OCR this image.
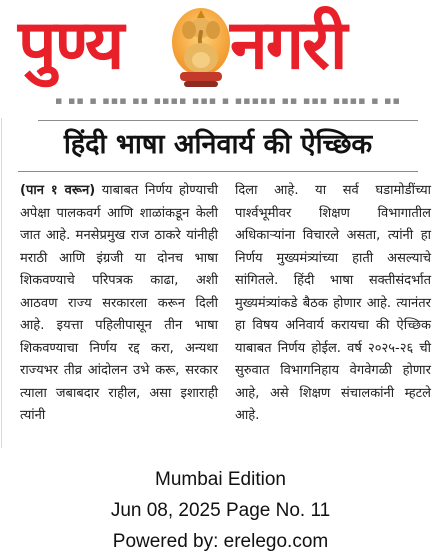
पुण्य नगरी
▪ ▪▪ ▪ ▪▪▪ ▪▪ ▪▪▪▪ ▪▪▪ ▪ ▪▪▪▪▪ ▪▪ ▪▪▪ ▪▪▪▪ ▪ ▪▪
हिंदी भाषा अनिवार्य की ऐच्छिक
(पान १ वरून) याबाबत निर्णय होण्याची अपेक्षा पालकवर्ग आणि शाळांकडून केली जात आहे. मनसेप्रमुख राज ठाकरे यांनीही मराठी आणि इंग्रजी या दोनच भाषा शिकवण्याचे परिपत्रक काढा, अशी आठवण राज्य सरकारला करून दिली आहे. इयत्ता पहिलीपासून तीन भाषा शिकवण्याचा निर्णय रद्द करा, अन्यथा राज्यभर तीव्र आंदोलन उभे करू, सरकार त्याला जबाबदार राहील, असा इशाराही त्यांनी
दिला आहे. या सर्व घडामोडींच्या पार्श्वभूमीवर शिक्षण विभागातील अधिकाऱ्यांना विचारले असता, त्यांनी हा निर्णय मुख्यमंत्र्यांच्या हाती असल्याचे सांगितले. हिंदी भाषा सक्तीसंदर्भात मुख्यमंत्र्यांकडे बैठक होणार आहे. त्यानंतर हा विषय अनिवार्य करायचा की ऐच्छिक याबाबत निर्णय होईल. वर्ष २०२५-२६ ची सुरुवात विभागनिहाय वेगवेगळी होणार आहे, असे शिक्षण संचालकांनी म्हटले आहे.
Mumbai Edition
Jun 08, 2025 Page No. 11
Powered by: erelego.com
